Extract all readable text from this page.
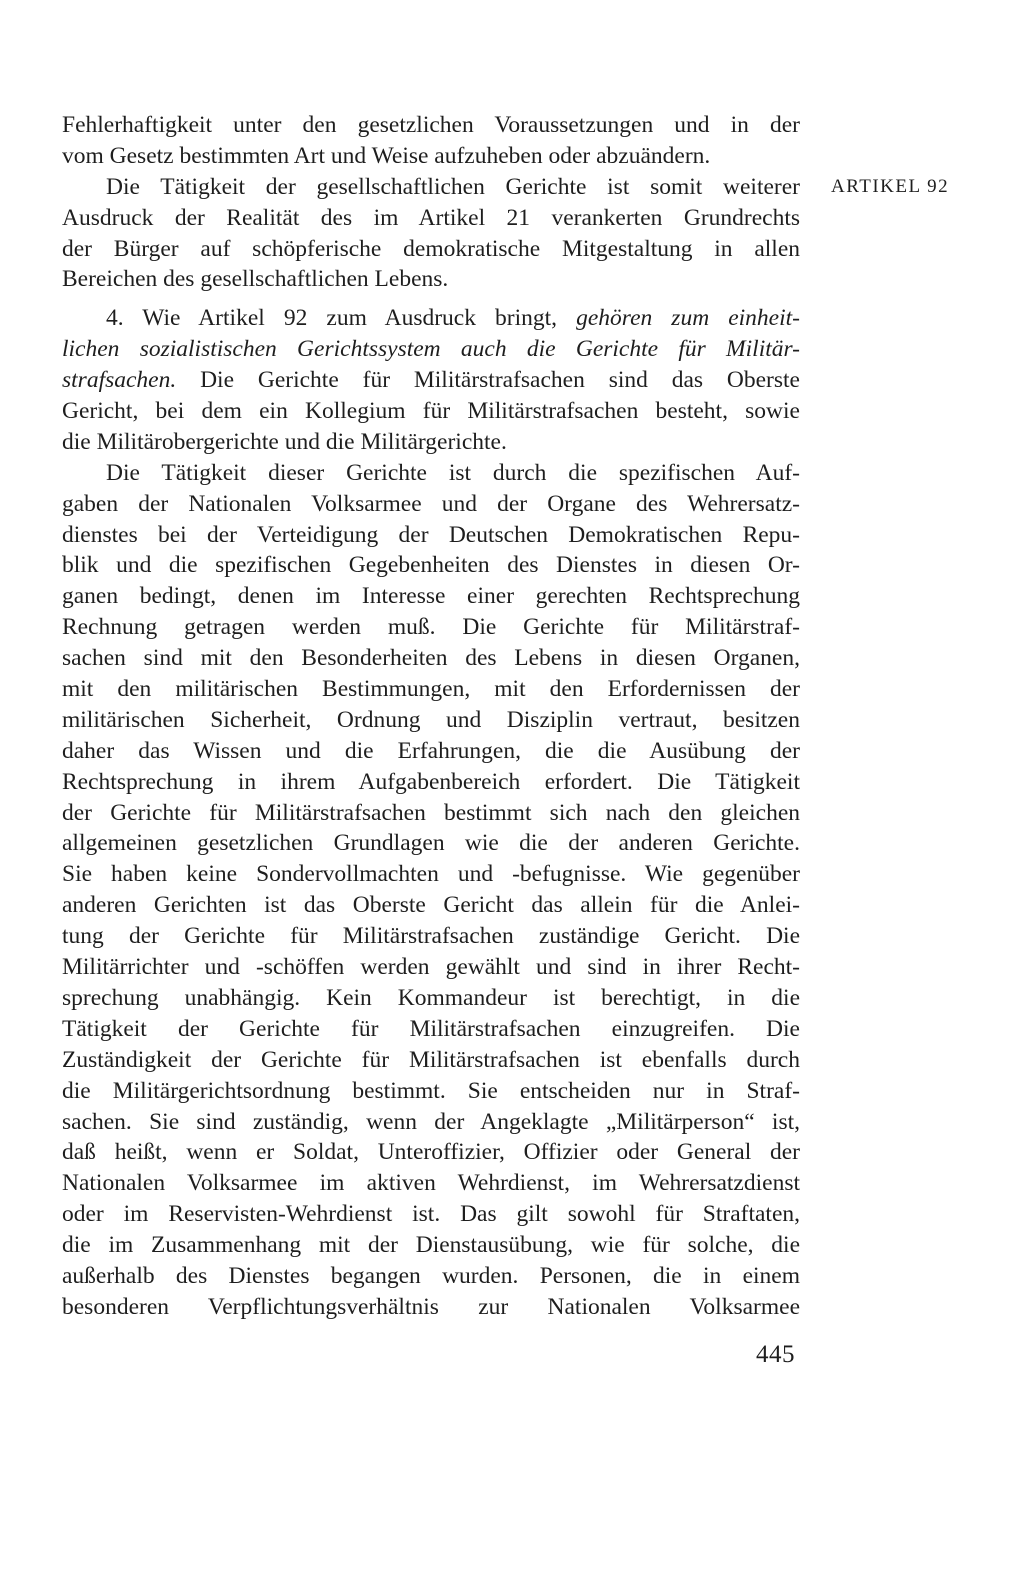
Fehlerhaftigkeit unter den gesetzlichen Voraussetzungen und in der
vom Gesetz bestimmten Art und Weise aufzuheben oder abzuändern.
Die Tätigkeit der gesellschaftlichen Gerichte ist somit weiterer
Ausdruck der Realität des im Artikel 21 verankerten Grundrechts
der Bürger auf schöpferische demokratische Mitgestaltung in allen
Bereichen des gesellschaftlichen Lebens.
4. Wie Artikel 92 zum Ausdruck bringt, gehören zum einheit-
lichen sozialistischen Gerichtssystem auch die Gerichte für Militär-
strafsachen. Die Gerichte für Militärstrafsachen sind das Oberste
Gericht, bei dem ein Kollegium für Militärstrafsachen besteht, sowie
die Militärobergerichte und die Militärgerichte.
Die Tätigkeit dieser Gerichte ist durch die spezifischen Auf-
gaben der Nationalen Volksarmee und der Organe des Wehrersatz-
dienstes bei der Verteidigung der Deutschen Demokratischen Repu-
blik und die spezifischen Gegebenheiten des Dienstes in diesen Or-
ganen bedingt, denen im Interesse einer gerechten Rechtsprechung
Rechnung getragen werden muß. Die Gerichte für Militärstraf-
sachen sind mit den Besonderheiten des Lebens in diesen Organen,
mit den militärischen Bestimmungen, mit den Erfordernissen der
militärischen Sicherheit, Ordnung und Disziplin vertraut, besitzen
daher das Wissen und die Erfahrungen, die die Ausübung der
Rechtsprechung in ihrem Aufgabenbereich erfordert. Die Tätigkeit
der Gerichte für Militärstrafsachen bestimmt sich nach den gleichen
allgemeinen gesetzlichen Grundlagen wie die der anderen Gerichte.
Sie haben keine Sondervollmachten und -befugnisse. Wie gegenüber
anderen Gerichten ist das Oberste Gericht das allein für die Anlei-
tung der Gerichte für Militärstrafsachen zuständige Gericht. Die
Militärrichter und -schöffen werden gewählt und sind in ihrer Recht-
sprechung unabhängig. Kein Kommandeur ist berechtigt, in die
Tätigkeit der Gerichte für Militärstrafsachen einzugreifen. Die
Zuständigkeit der Gerichte für Militärstrafsachen ist ebenfalls durch
die Militärgerichtsordnung bestimmt. Sie entscheiden nur in Straf-
sachen. Sie sind zuständig, wenn der Angeklagte „Militärperson“ ist,
daß heißt, wenn er Soldat, Unteroffizier, Offizier oder General der
Nationalen Volksarmee im aktiven Wehrdienst, im Wehrersatzdienst
oder im Reservisten-Wehrdienst ist. Das gilt sowohl für Straftaten,
die im Zusammenhang mit der Dienstausübung, wie für solche, die
außerhalb des Dienstes begangen wurden. Personen, die in einem
besonderen Verpflichtungsverhältnis zur Nationalen Volksarmee
ARTIKEL 92
445
